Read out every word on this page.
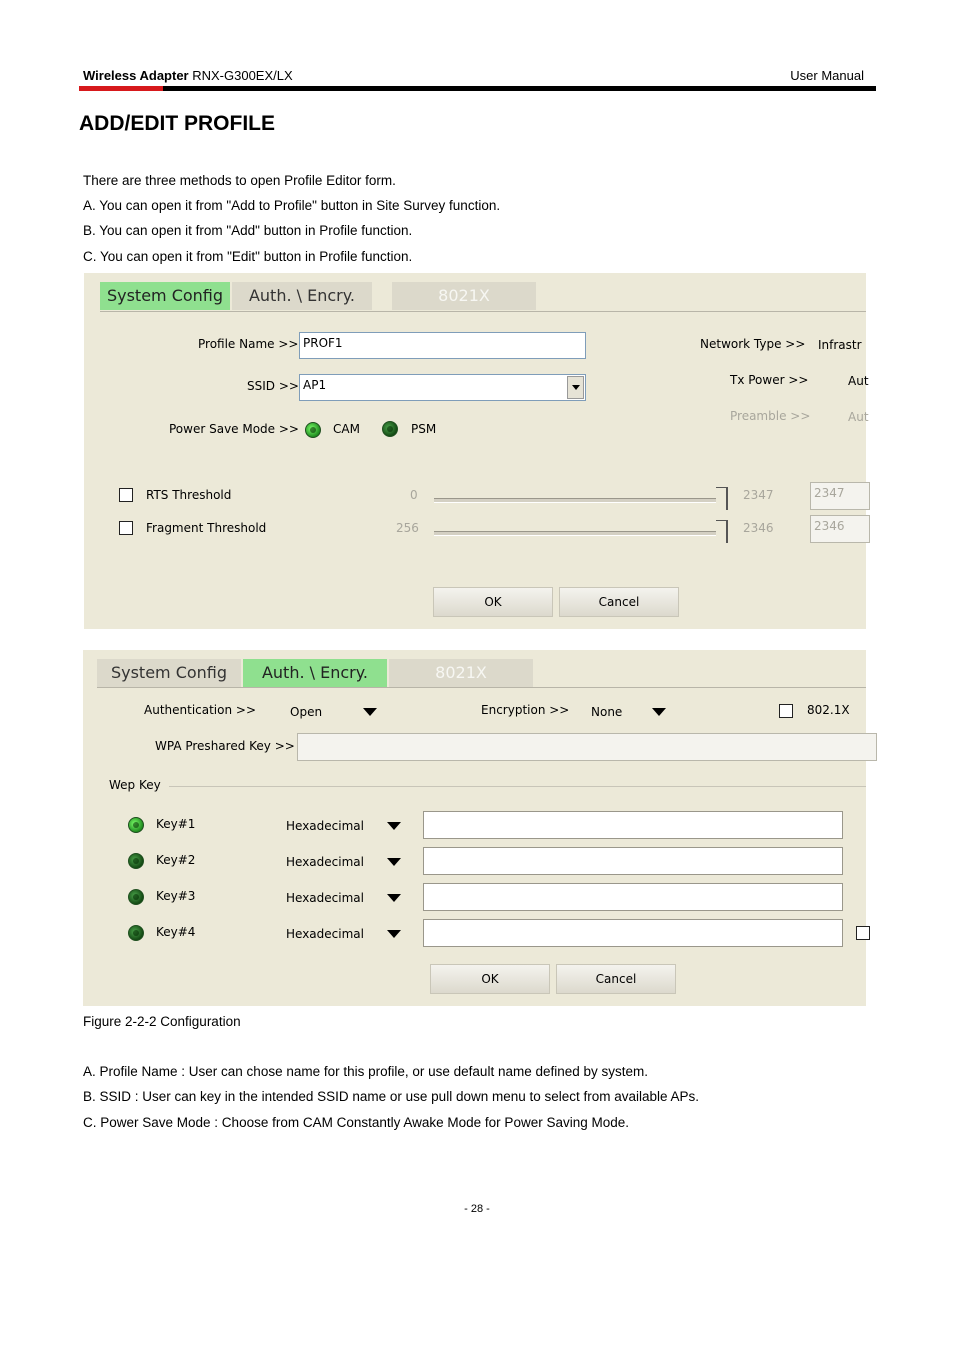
Wireless Adapter RNX-G300EX/LX	User Manual
ADD/EDIT PROFILE
There are three methods to open Profile Editor form.
A. You can open it from "Add to Profile" button in Site Survey function.
B. You can open it from "Add" button in Profile function.
C. You can open it from "Edit" button in Profile function.
System Config	Auth. \ Encry.	8021X
Profile Name >> PROF1
SSID >> AP1
Power Save Mode >>	CAM	PSM
Network Type >> Infrastr
Tx Power >>	Aut
Preamble >>	Aut
RTS Threshold	0	2347	2347
Fragment Threshold	256	2346	2346
OK	Cancel
System Config	Auth. \ Encry.	8021X
Authentication >>	Open	Encryption >> None	802.1X
WPA Preshared Key >>
Wep Key
Key#1	Hexadecimal
Key#2	Hexadecimal
Key#3	Hexadecimal
Key#4	Hexadecimal
OK	Cancel
Figure 2-2-2 Configuration
A. Profile Name : User can chose name for this profile, or use default name defined by system.
B. SSID : User can key in the intended SSID name or use pull down menu to select from available APs.
C. Power Save Mode : Choose from CAM Constantly Awake Mode for Power Saving Mode.
- 28 -
